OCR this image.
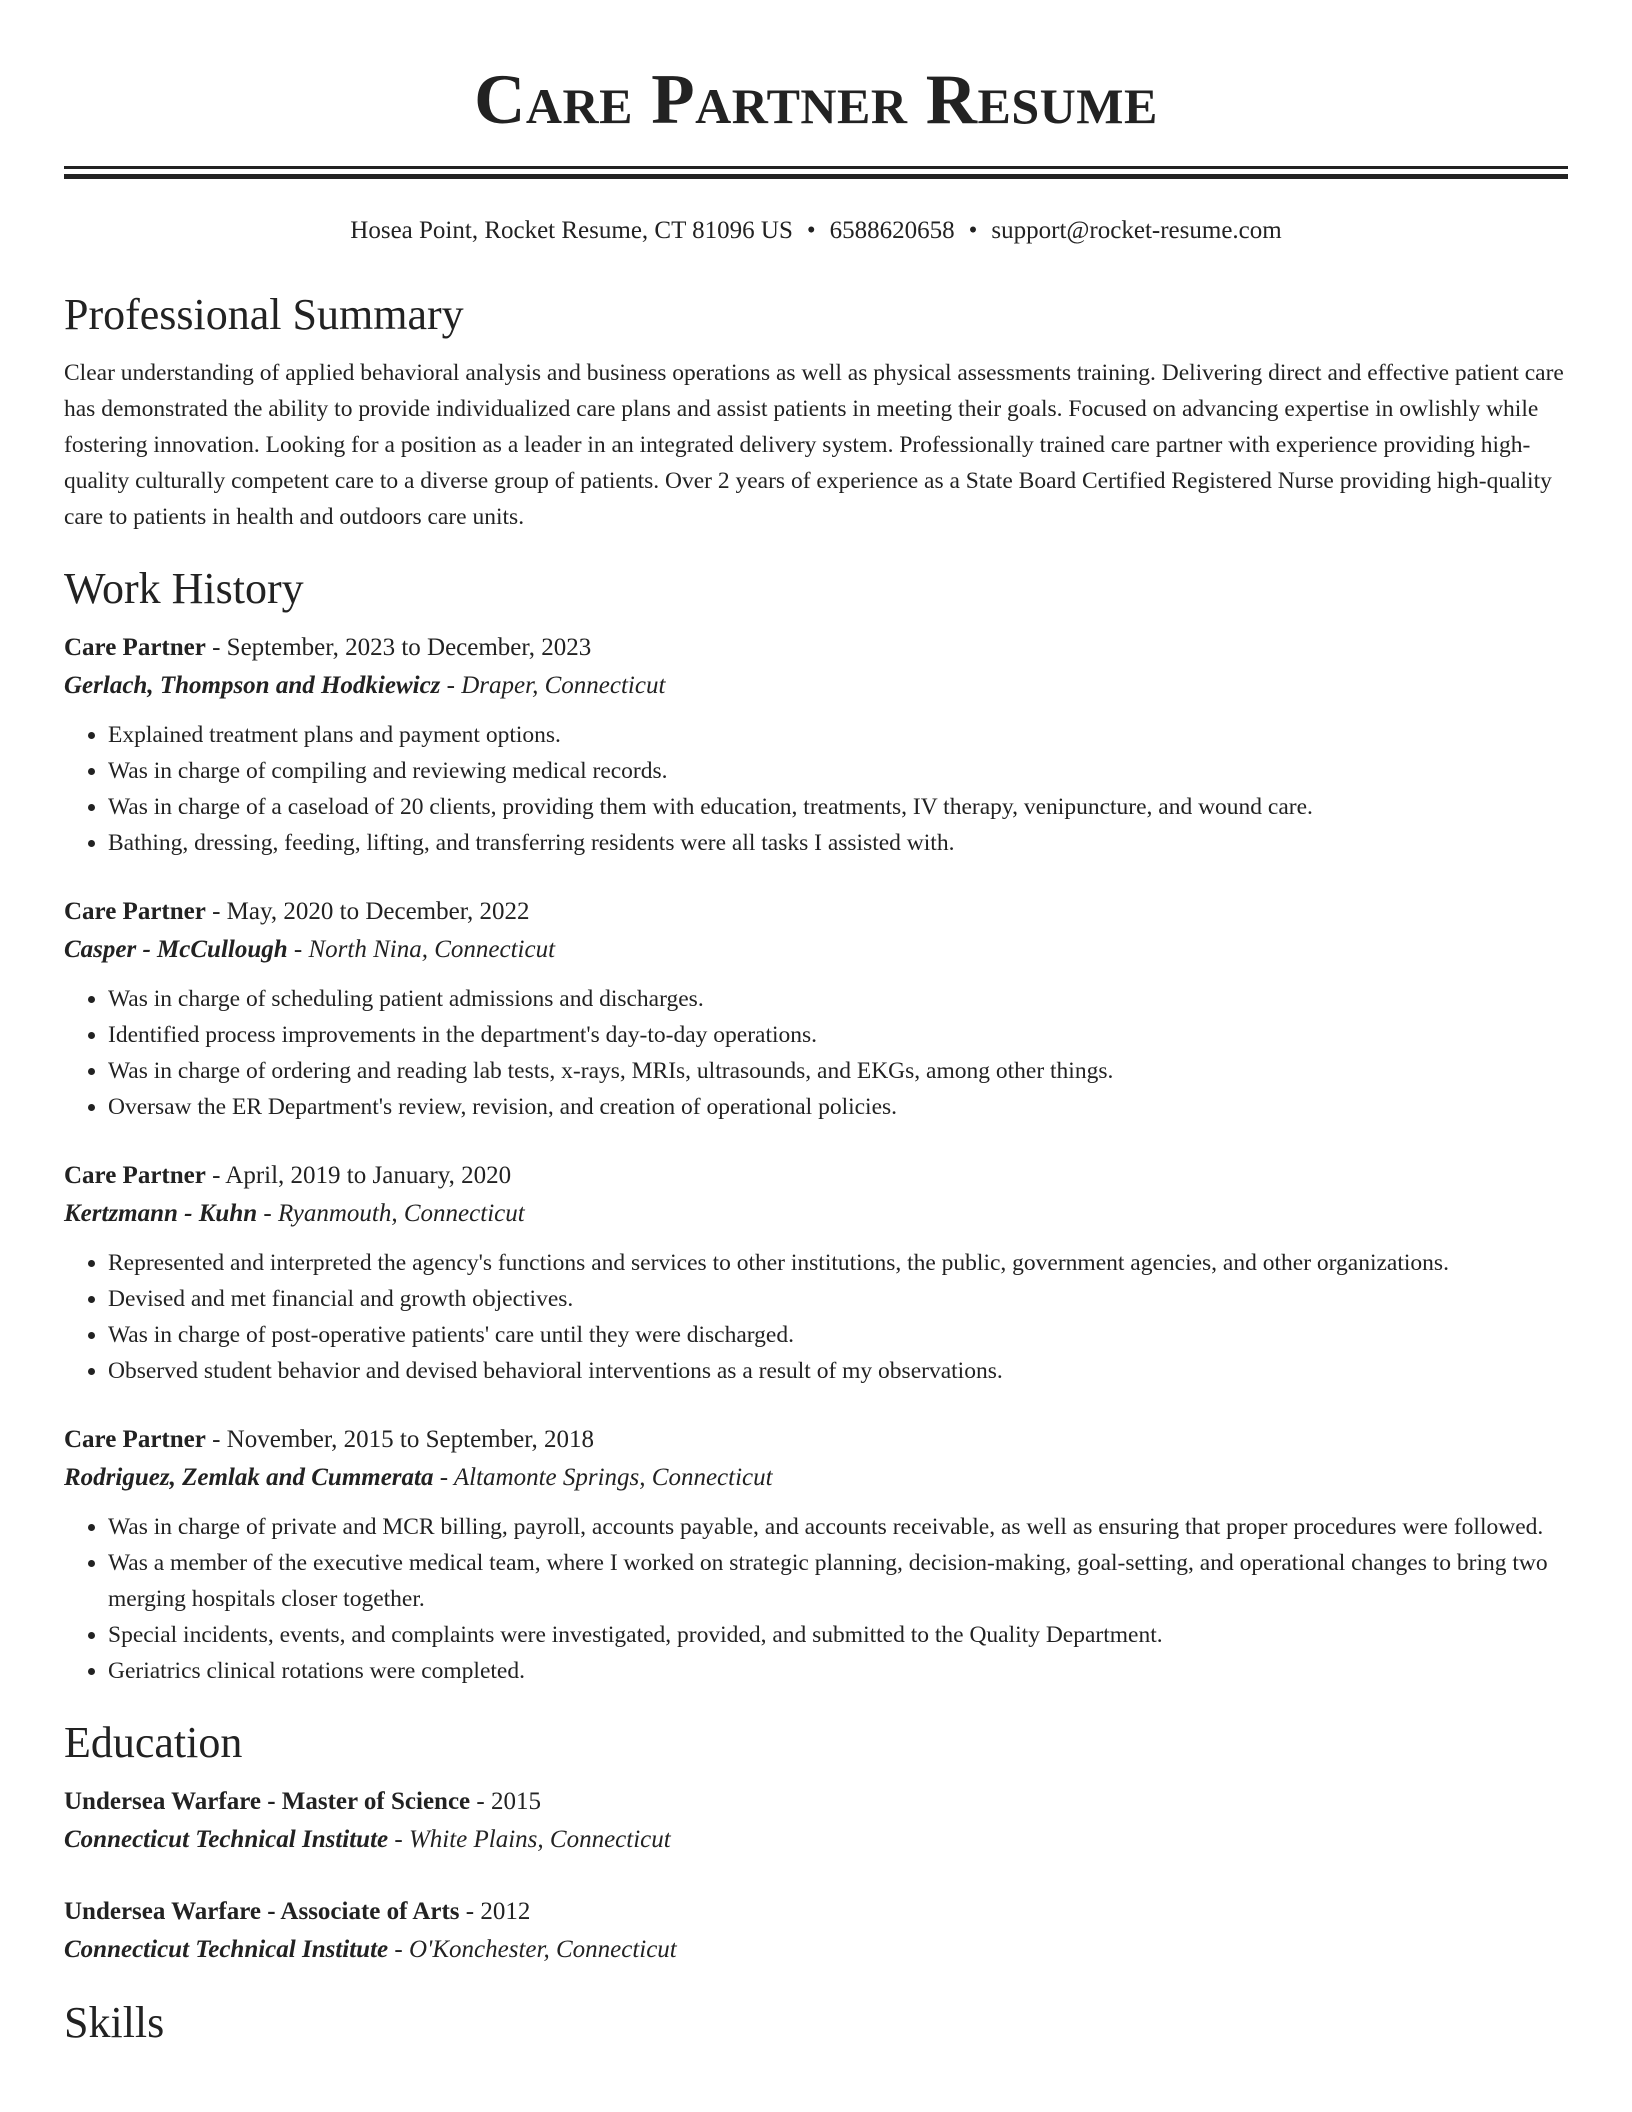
Care Partner Resume
Hosea Point, Rocket Resume, CT 81096 US • 6588620658 • support@rocket-resume.com
Professional Summary
Clear understanding of applied behavioral analysis and business operations as well as physical assessments training. Delivering direct and effective patient care has demonstrated the ability to provide individualized care plans and assist patients in meeting their goals. Focused on advancing expertise in owlishly while fostering innovation. Looking for a position as a leader in an integrated delivery system. Professionally trained care partner with experience providing high-quality culturally competent care to a diverse group of patients. Over 2 years of experience as a State Board Certified Registered Nurse providing high-quality care to patients in health and outdoors care units.
Work History
Care Partner - September, 2023 to December, 2023
Gerlach, Thompson and Hodkiewicz - Draper, Connecticut
• Explained treatment plans and payment options.
• Was in charge of compiling and reviewing medical records.
• Was in charge of a caseload of 20 clients, providing them with education, treatments, IV therapy, venipuncture, and wound care.
• Bathing, dressing, feeding, lifting, and transferring residents were all tasks I assisted with.
Care Partner - May, 2020 to December, 2022
Casper - McCullough - North Nina, Connecticut
• Was in charge of scheduling patient admissions and discharges.
• Identified process improvements in the department's day-to-day operations.
• Was in charge of ordering and reading lab tests, x-rays, MRIs, ultrasounds, and EKGs, among other things.
• Oversaw the ER Department's review, revision, and creation of operational policies.
Care Partner - April, 2019 to January, 2020
Kertzmann - Kuhn - Ryanmouth, Connecticut
• Represented and interpreted the agency's functions and services to other institutions, the public, government agencies, and other organizations.
• Devised and met financial and growth objectives.
• Was in charge of post-operative patients' care until they were discharged.
• Observed student behavior and devised behavioral interventions as a result of my observations.
Care Partner - November, 2015 to September, 2018
Rodriguez, Zemlak and Cummerata - Altamonte Springs, Connecticut
• Was in charge of private and MCR billing, payroll, accounts payable, and accounts receivable, as well as ensuring that proper procedures were followed.
• Was a member of the executive medical team, where I worked on strategic planning, decision-making, goal-setting, and operational changes to bring two merging hospitals closer together.
• Special incidents, events, and complaints were investigated, provided, and submitted to the Quality Department.
• Geriatrics clinical rotations were completed.
Education
Undersea Warfare - Master of Science - 2015
Connecticut Technical Institute - White Plains, Connecticut
Undersea Warfare - Associate of Arts - 2012
Connecticut Technical Institute - O'Konchester, Connecticut
Skills
